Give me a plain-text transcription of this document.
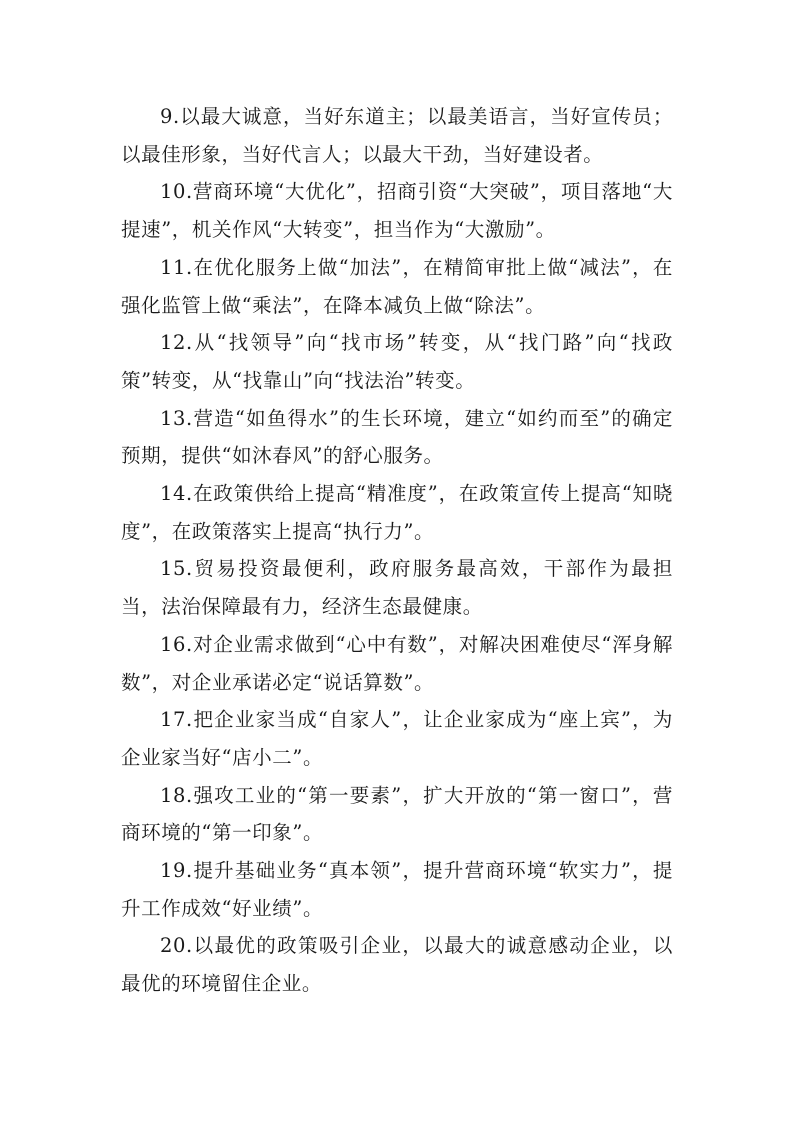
9.以最大诚意，当好东道主；以最美语言，当好宣传员；以最佳形象，当好代言人；以最大干劲，当好建设者。

10.营商环境“大优化”，招商引资“大突破”，项目落地“大提速”，机关作风“大转变”，担当作为“大激励”。

11.在优化服务上做“加法”，在精简审批上做“减法”，在强化监管上做“乘法”，在降本减负上做“除法”。

12.从“找领导”向“找市场”转变，从“找门路”向“找政策”转变，从“找靠山”向“找法治”转变。

13.营造“如鱼得水”的生长环境，建立“如约而至”的确定预期，提供“如沐春风”的舒心服务。

14.在政策供给上提高“精准度”，在政策宣传上提高“知晓度”，在政策落实上提高“执行力”。

15.贸易投资最便利，政府服务最高效，干部作为最担当，法治保障最有力，经济生态最健康。

16.对企业需求做到“心中有数”，对解决困难使尽“浑身解数”，对企业承诺必定“说话算数”。

17.把企业家当成“自家人”，让企业家成为“座上宾”，为企业家当好“店小二”。

18.强攻工业的“第一要素”，扩大开放的“第一窗口”，营商环境的“第一印象”。

19.提升基础业务“真本领”，提升营商环境“软实力”，提升工作成效“好业绩”。

20.以最优的政策吸引企业，以最大的诚意感动企业，以最优的环境留住企业。
